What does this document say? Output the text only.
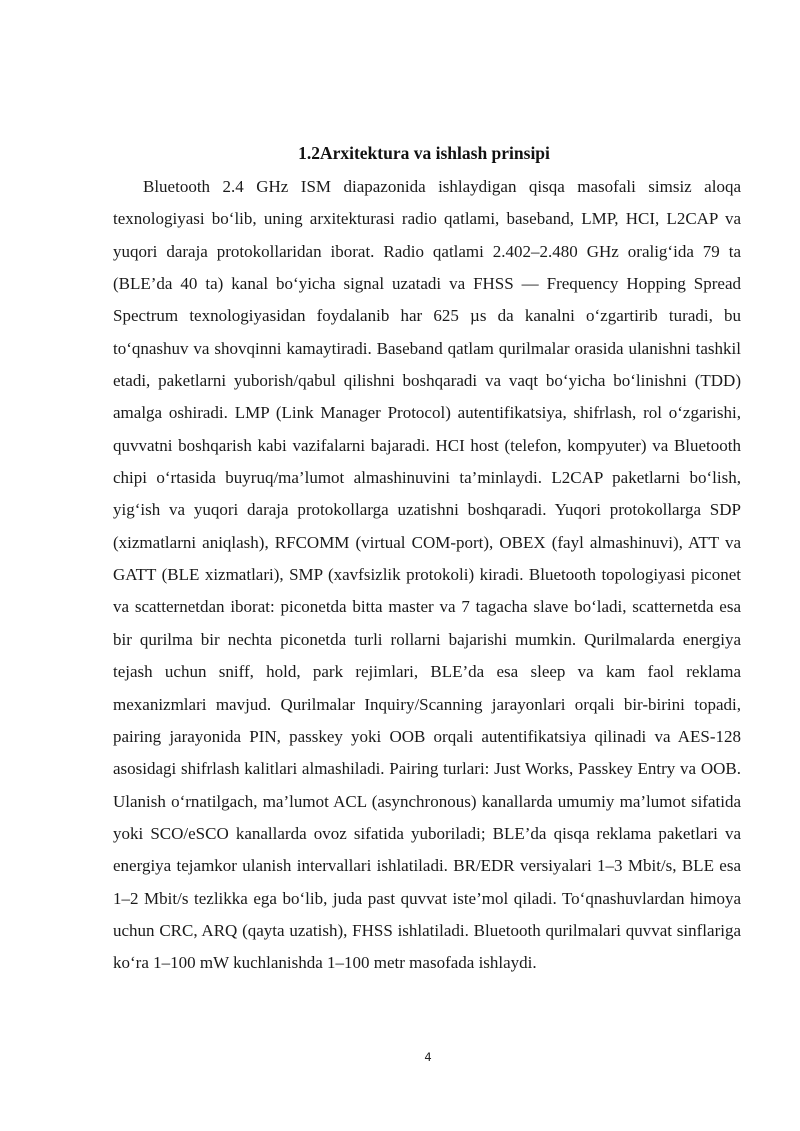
1.2Arxitektura va ishlash prinsipi

Bluetooth 2.4 GHz ISM diapazonida ishlaydigan qisqa masofali simsiz aloqa texnologiyasi bo‘lib, uning arxitekturasi radio qatlami, baseband, LMP, HCI, L2CAP va yuqori daraja protokollaridan iborat. Radio qatlami 2.402–2.480 GHz oralig‘ida 79 ta (BLE’da 40 ta) kanal bo‘yicha signal uzatadi va FHSS — Frequency Hopping Spread Spectrum texnologiyasidan foydalanib har 625 µs da kanalni o‘zgartirib turadi, bu to‘qnashuv va shovqinni kamaytiradi. Baseband qatlam qurilmalar orasida ulanishni tashkil etadi, paketlarni yuborish/qabul qilishni boshqaradi va vaqt bo‘yicha bo‘linishni (TDD) amalga oshiradi. LMP (Link Manager Protocol) autentifikatsiya, shifrlash, rol o‘zgarishi, quvvatni boshqarish kabi vazifalarni bajaradi. HCI host (telefon, kompyuter) va Bluetooth chipi o‘rtasida buyruq/ma’lumot almashinuvini ta’minlaydi. L2CAP paketlarni bo‘lish, yig‘ish va yuqori daraja protokollarga uzatishni boshqaradi. Yuqori protokollarga SDP (xizmatlarni aniqlash), RFCOMM (virtual COM-port), OBEX (fayl almashinuvi), ATT va GATT (BLE xizmatlari), SMP (xavfsizlik protokoli) kiradi. Bluetooth topologiyasi piconet va scatternetdan iborat: piconetda bitta master va 7 tagacha slave bo‘ladi, scatternetda esa bir qurilma bir nechta piconetda turli rollarni bajarishi mumkin. Qurilmalarda energiya tejash uchun sniff, hold, park rejimlari, BLE’da esa sleep va kam faol reklama mexanizmlari mavjud. Qurilmalar Inquiry/Scanning jarayonlari orqali bir-birini topadi, pairing jarayonida PIN, passkey yoki OOB orqali autentifikatsiya qilinadi va AES-128 asosidagi shifrlash kalitlari almashiladi. Pairing turlari: Just Works, Passkey Entry va OOB. Ulanish o‘rnatilgach, ma’lumot ACL (asynchronous) kanallarda umumiy ma’lumot sifatida yoki SCO/eSCO kanallarda ovoz sifatida yuboriladi; BLE’da qisqa reklama paketlari va energiya tejamkor ulanish intervallari ishlatiladi. BR/EDR versiyalari 1–3 Mbit/s, BLE esa 1–2 Mbit/s tezlikka ega bo‘lib, juda past quvvat iste’mol qiladi. To‘qnashuvlardan himoya uchun CRC, ARQ (qayta uzatish), FHSS ishlatiladi. Bluetooth qurilmalari quvvat sinflariga ko‘ra 1–100 mW kuchlanishda 1–100 metr masofada ishlaydi.

4
